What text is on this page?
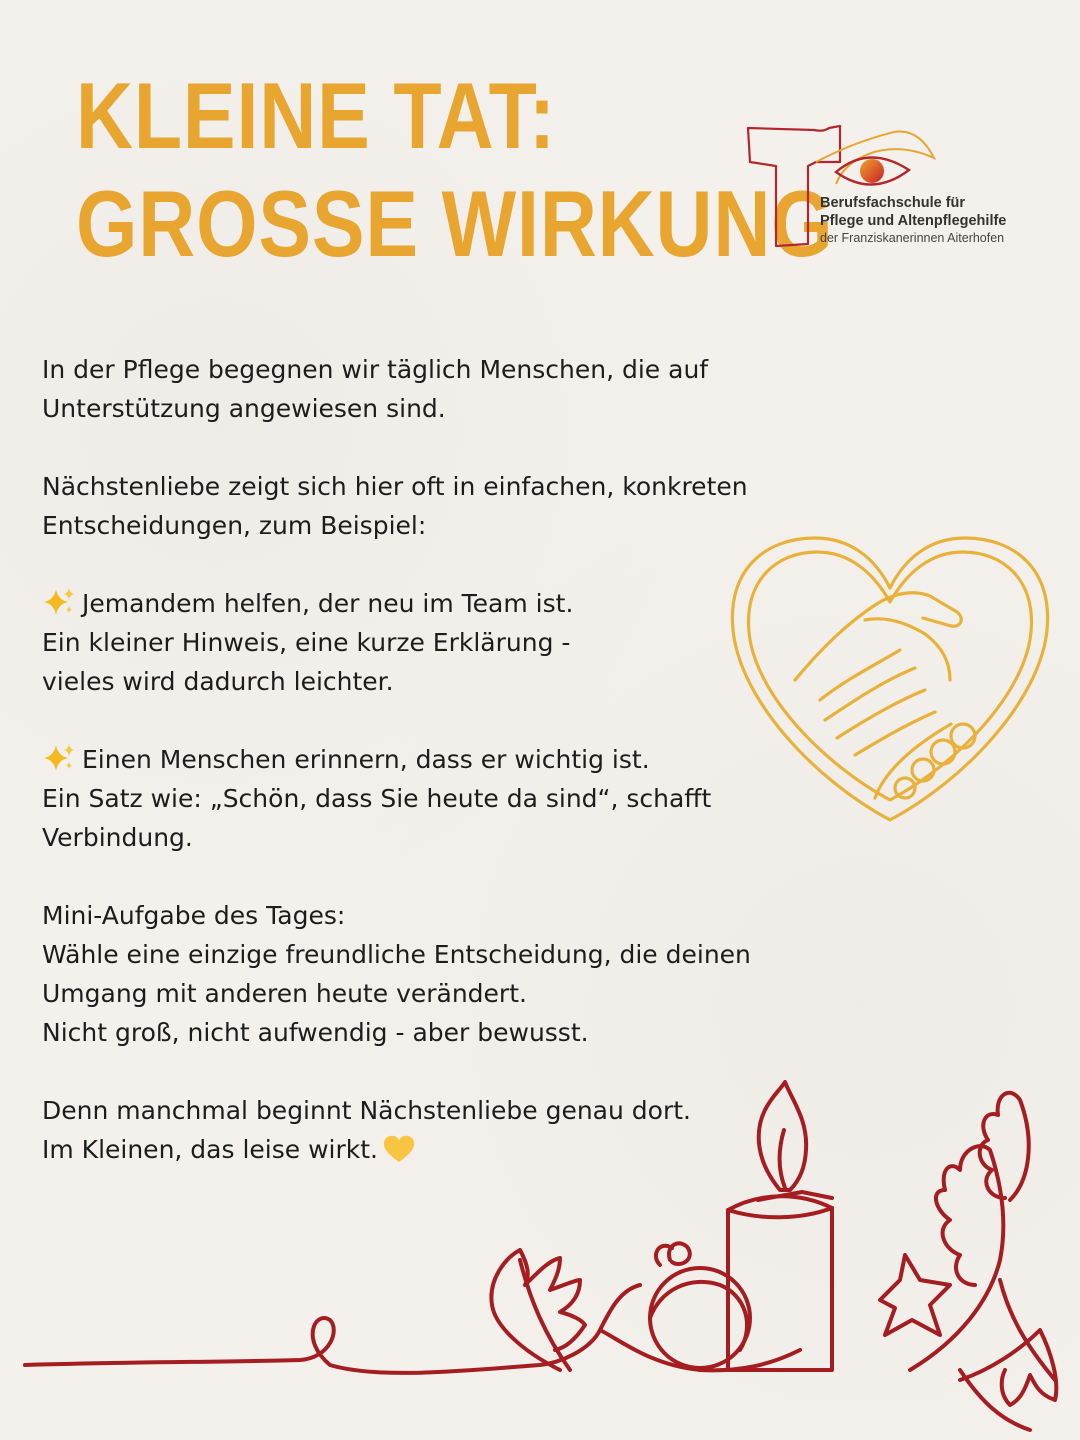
KLEINE TAT:
GROSSE WIRKUNG
Berufsfachschule für
Pflege und Altenpflegehilfe
der Franziskanerinnen Aiterhofen

In der Pflege begegnen wir täglich Menschen, die auf
Unterstützung angewiesen sind.

Nächstenliebe zeigt sich hier oft in einfachen, konkreten
Entscheidungen, zum Beispiel:

Jemandem helfen, der neu im Team ist.
Ein kleiner Hinweis, eine kurze Erklärung -
vieles wird dadurch leichter.

Einen Menschen erinnern, dass er wichtig ist.
Ein Satz wie: „Schön, dass Sie heute da sind“, schafft
Verbindung.

Mini-Aufgabe des Tages:
Wähle eine einzige freundliche Entscheidung, die deinen
Umgang mit anderen heute verändert.
Nicht groß, nicht aufwendig - aber bewusst.

Denn manchmal beginnt Nächstenliebe genau dort.
Im Kleinen, das leise wirkt.
